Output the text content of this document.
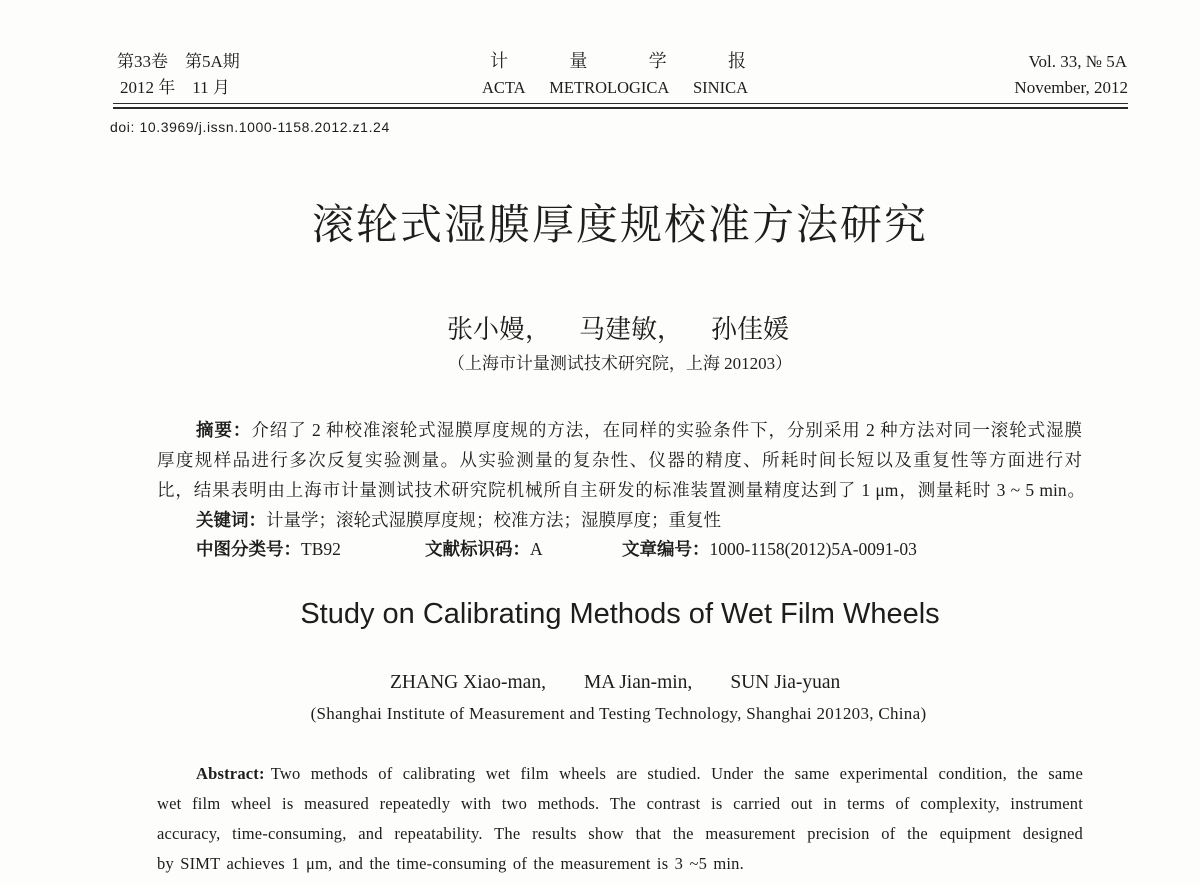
第33卷　第5A期
2012 年　11 月
计	量	学	报
ACTA METROLOGICA SINICA
Vol. 33, № 5A
November, 2012
doi: 10.3969/j.issn.1000-1158.2012.z1.24
滚轮式湿膜厚度规校准方法研究
张小嫚， 马建敏， 孙佳媛
（上海市计量测试技术研究院，上海 201203）
摘要：介绍了 2 种校准滚轮式湿膜厚度规的方法，在同样的实验条件下，分别采用 2 种方法对同一滚轮式湿膜
厚度规样品进行多次反复实验测量。从实验测量的复杂性、仪器的精度、所耗时间长短以及重复性等方面进行对
比，结果表明由上海市计量测试技术研究院机械所自主研发的标准装置测量精度达到了 1 μm，测量耗时 3 ~ 5 min。
关键词：计量学；滚轮式湿膜厚度规；校准方法；湿膜厚度；重复性
中图分类号：TB92	文献标识码：A	文章编号：1000-1158(2012)5A-0091-03
Study on Calibrating Methods of Wet Film Wheels
ZHANG Xiao-man, MA Jian-min, SUN Jia-yuan
(Shanghai Institute of Measurement and Testing Technology, Shanghai 201203, China)
Abstract: Two methods of calibrating wet film wheels are studied. Under the same experimental condition, the same
wet film wheel is measured repeatedly with two methods. The contrast is carried out in terms of complexity, instrument
accuracy, time-consuming, and repeatability. The results show that the measurement precision of the equipment designed
by SIMT achieves 1 μm, and the time-consuming of the measurement is 3 ~5 min.
